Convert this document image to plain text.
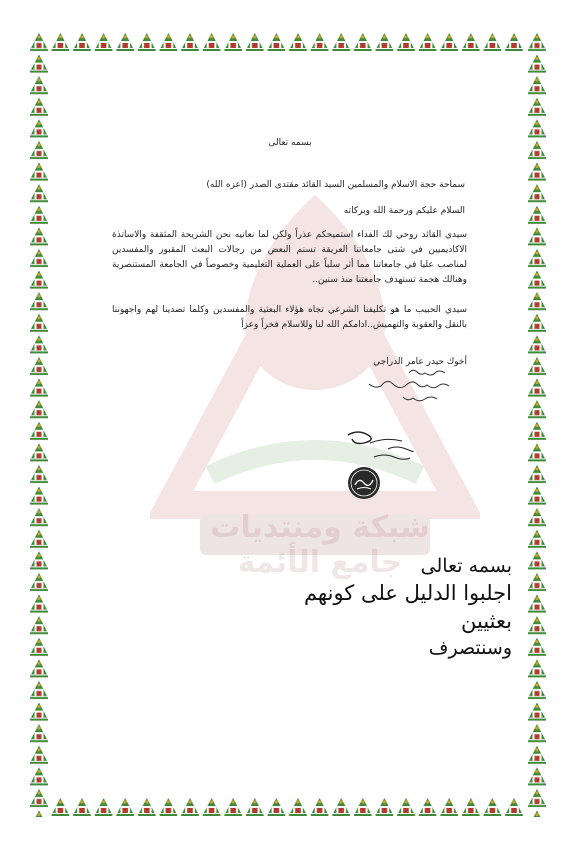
شبكة ومنتديات جامع الأئمة
بسمه تعالى
سماحة حجة الاسلام والمسلمين السيد القائد مقتدى الصدر (اعزه الله)
السلام عليكم ورحمة الله وبركاته
سيدي القائد روحي لك الفداء استميحكم عذراً ولكن لما نعانيه نحن الشريحة المثقفة والاساتذة الاكاديميين في شتى جامعاتنا العريقة تسنم البعض من رجالات البعث المقبور والمفسدين لمناصب عليا في جامعاتنا مما أثر سلباً على العملية التعليمية وخصوصاً في الجامعة المستنصرية وهنالك هجمة تستهدف جامعتنا منذ سنين..
سيدي الحبيب ما هو تكليفنا الشرعي تجاه هؤلاء البعثية والمفسدين وكلما تصدينا لهم واجهوننا بالنقل والعقوبة والتهميش..ادامكم الله لنا وللاسلام فخراً وعزاً
أخوك حيدر عامر الدراجي
بسمه تعالى
اجلبوا الدليل على كونهم بعثيين
وسنتصرف
